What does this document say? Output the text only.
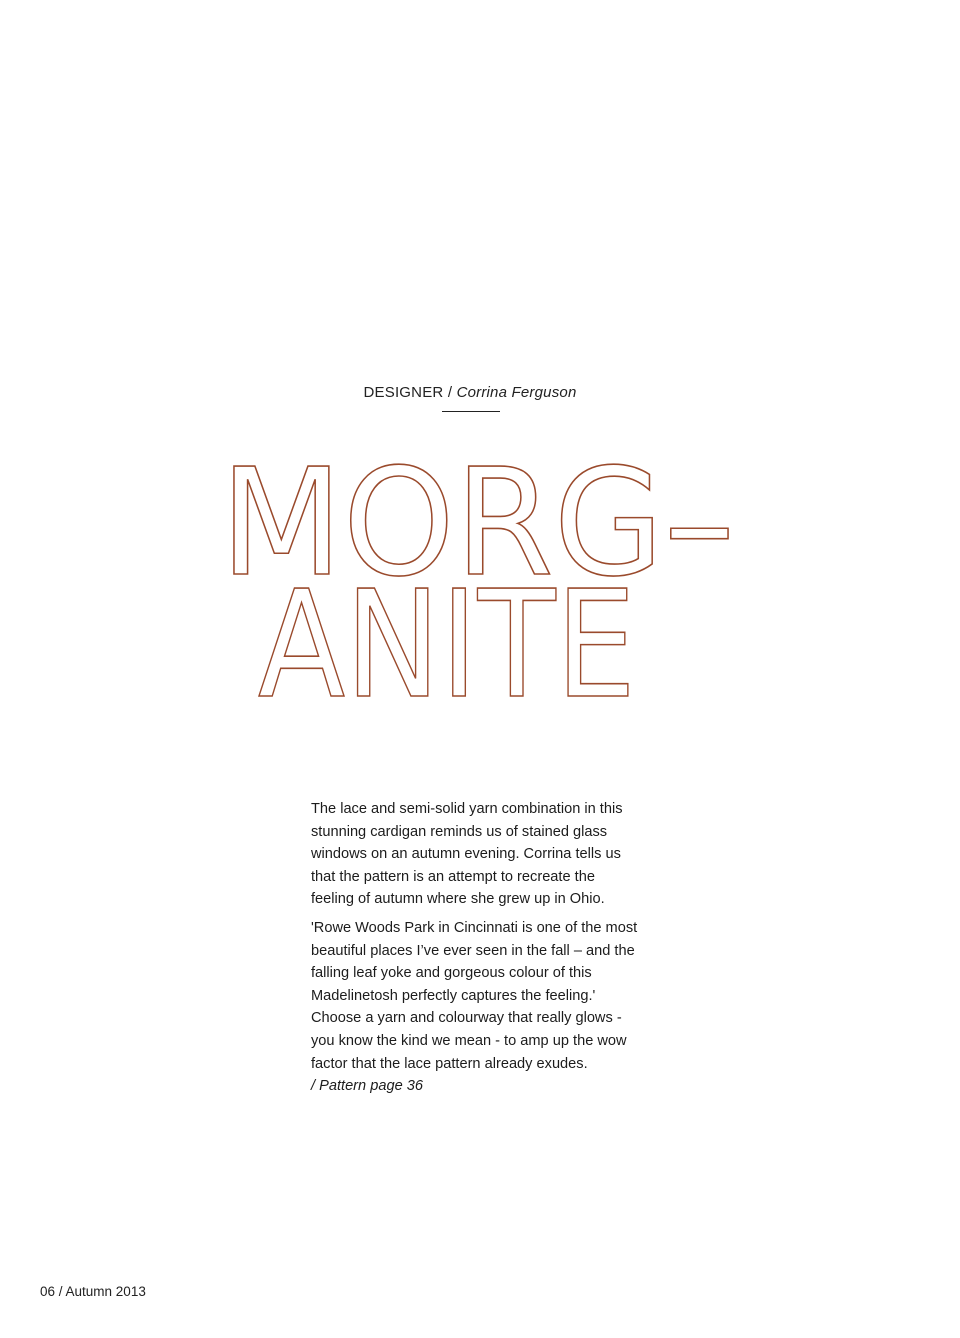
DESIGNER / Corrina Ferguson
MORG–
ANITE

The lace and semi-solid yarn combination in this stunning cardigan reminds us of stained glass windows on an autumn evening. Corrina tells us that the pattern is an attempt to recreate the feeling of autumn where she grew up in Ohio.

'Rowe Woods Park in Cincinnati is one of the most beautiful places I’ve ever seen in the fall – and the falling leaf yoke and gorgeous colour of this Madelinetosh perfectly captures the feeling.' Choose a yarn and colourway that really glows - you know the kind we mean - to amp up the wow factor that the lace pattern already exudes.
/ Pattern page 36

06 / Autumn 2013
